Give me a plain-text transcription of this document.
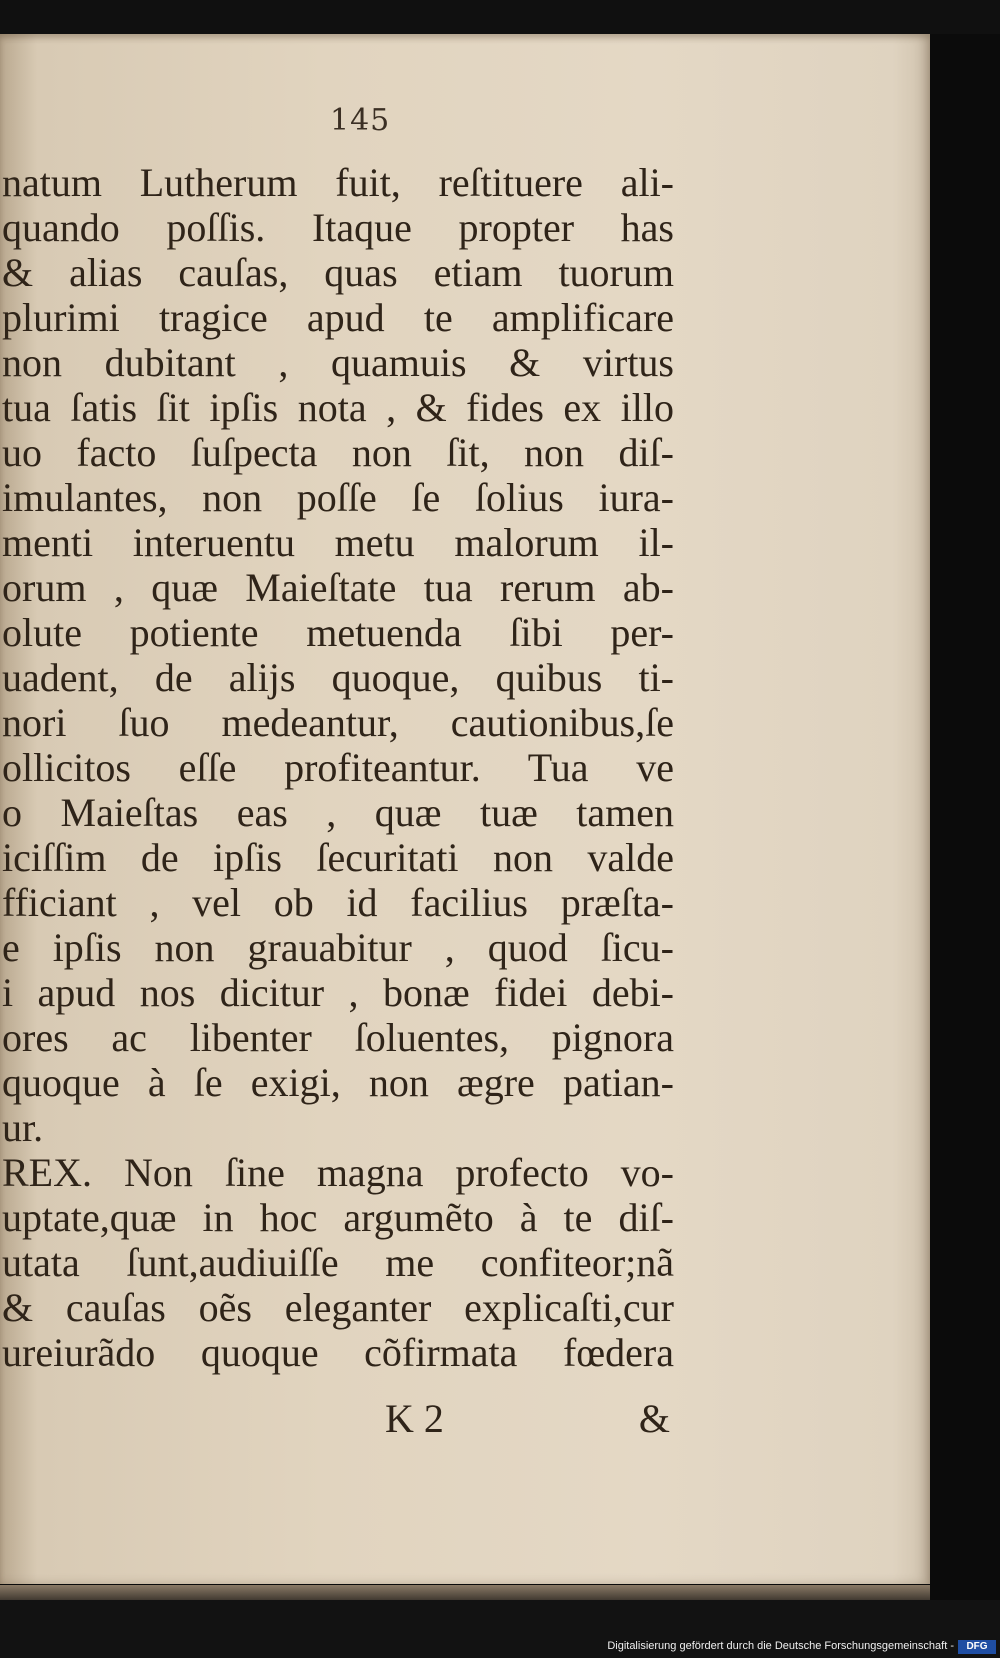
145
natum Lutherum fuit, reſtituere ali-
quando poſſis. Itaque propter has
& alias cauſas, quas etiam tuorum
plurimi tragice apud te amplificare
non dubitant , quamuis & virtus
tua ſatis ſit ipſis nota , & fides ex illo
uo facto ſuſpecta non ſit, non diſ-
imulantes, non poſſe ſe ſolius iura-
menti interuentu metu malorum il-
orum , quæ Maieſtate tua rerum ab-
olute potiente metuenda ſibi per-
uadent, de alijs quoque, quibus ti-
nori ſuo medeantur, cautionibus,ſe
ollicitos eſſe profiteantur. Tua ve
o Maieſtas eas , quæ tuæ tamen
iciſſim de ipſis ſecuritati non valde
fficiant , vel ob id facilius præſta-
e ipſis non grauabitur , quod ſicu-
i apud nos dicitur , bonæ fidei debi-
ores ac libenter ſoluentes, pignora
quoque à ſe exigi, non ægre patian-
ur.
REX. Non ſine magna profecto vo-
uptate,quæ in hoc argumẽto à te diſ-
utata ſunt,audiuiſſe me confiteor;nã
& cauſas oẽs eleganter explicaſti,cur
ureiurãdo quoque cõfirmata fœdera
K 2	&
Digitalisierung gefördert durch die Deutsche Forschungsgemeinschaft -	DFG
